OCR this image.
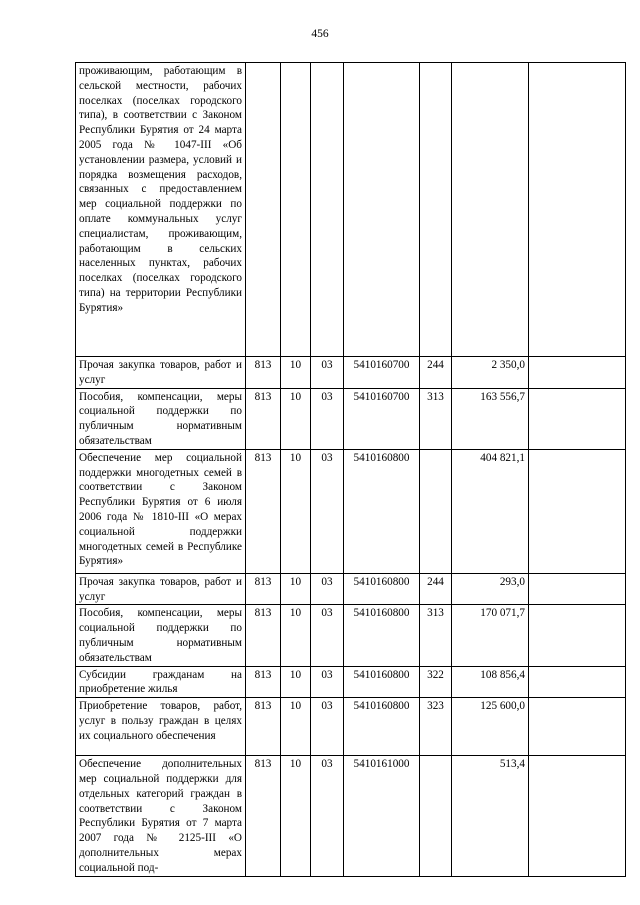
456
проживающим, работающим в сельской местности, рабочих поселках (поселках городского типа), в соответствии с Законом Республики Бурятия от 24 марта 2005 года № 1047-III «Об установлении размера, условий и порядка возмещения расходов, связанных с предоставлением мер социальной поддержки по оплате коммунальных услуг специалистам, проживающим, работающим в сельских населенных пунктах, рабочих поселках (поселках городского типа) на территории Республики Бурятия»							
Прочая закупка товаров, работ и услуг	813	10	03	5410160700	244	2 350,0	
Пособия, компенсации, меры социальной поддержки по публичным нормативным обязательствам	813	10	03	5410160700	313	163 556,7	
Обеспечение мер социальной поддержки многодетных семей в соответствии с Законом Республики Бурятия от 6 июля 2006 года № 1810-III «О мерах социальной поддержки многодетных семей в Республике Бурятия»	813	10	03	5410160800		404 821,1	
Прочая закупка товаров, работ и услуг	813	10	03	5410160800	244	293,0	
Пособия, компенсации, меры социальной поддержки по публичным нормативным обязательствам	813	10	03	5410160800	313	170 071,7	
Субсидии гражданам на приобретение жилья	813	10	03	5410160800	322	108 856,4	
Приобретение товаров, работ, услуг в пользу граждан в целях их социального обеспечения	813	10	03	5410160800	323	125 600,0	
Обеспечение дополнительных мер социальной поддержки для отдельных категорий граждан в соответствии с Законом Республики Бурятия от 7 марта 2007 года № 2125-III «О дополнительных мерах социальной под-	813	10	03	5410161000		513,4	
